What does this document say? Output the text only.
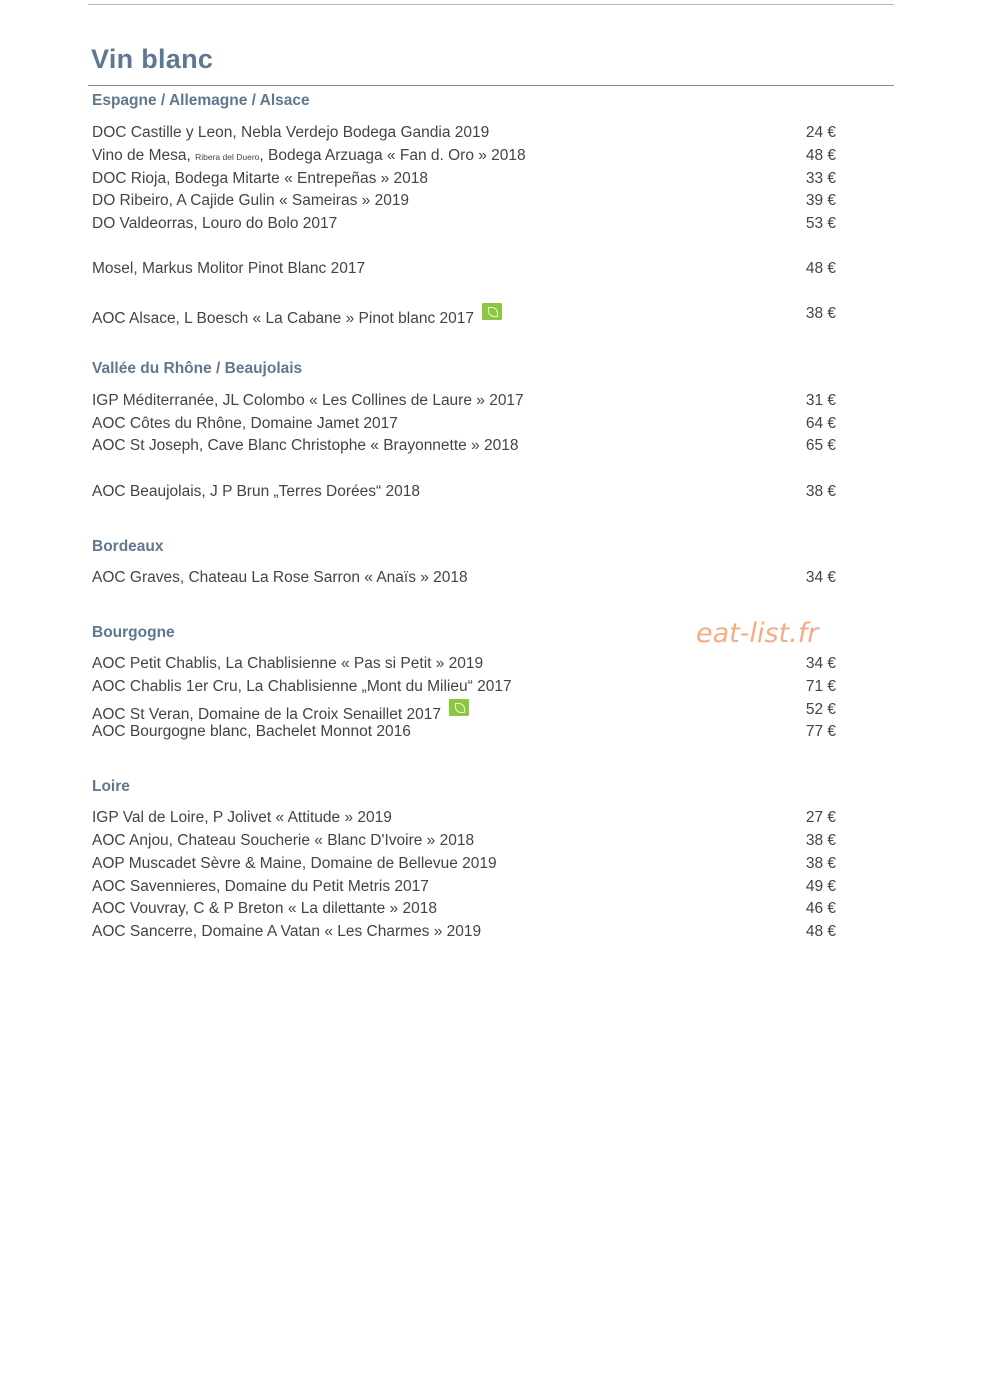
Vin blanc
Espagne / Allemagne / Alsace
DOC Castille y Leon, Nebla Verdejo Bodega Gandia 2019	24 €
Vino de Mesa, Ribera del Duero, Bodega Arzuaga « Fan d. Oro » 2018	48 €
DOC Rioja, Bodega Mitarte « Entrepeñas » 2018	33 €
DO Ribeiro, A Cajide Gulin « Sameiras » 2019	39 €
DO Valdeorras, Louro do Bolo 2017	53 €
Mosel, Markus Molitor Pinot Blanc 2017	48 €
AOC Alsace, L Boesch « La Cabane » Pinot blanc 2017	38 €
Vallée du Rhône / Beaujolais
IGP Méditerranée, JL Colombo « Les Collines de Laure » 2017	31 €
AOC Côtes du Rhône, Domaine Jamet 2017	64 €
AOC St Joseph, Cave Blanc Christophe « Brayonnette » 2018	65 €
AOC Beaujolais, J P Brun „Terres Dorées“ 2018	38 €
Bordeaux
AOC Graves, Chateau La Rose Sarron « Anaïs » 2018	34 €
eat-list.fr
Bourgogne
AOC Petit Chablis, La Chablisienne « Pas si Petit » 2019	34 €
AOC Chablis 1er Cru, La Chablisienne „Mont du Milieu“ 2017	71 €
AOC St Veran, Domaine de la Croix Senaillet 2017	52 €
AOC Bourgogne blanc, Bachelet Monnot 2016	77 €
Loire
IGP Val de Loire, P Jolivet « Attitude » 2019	27 €
AOC Anjou, Chateau Soucherie « Blanc D'Ivoire » 2018	38 €
AOP Muscadet Sèvre & Maine, Domaine de Bellevue 2019	38 €
AOC Savennieres, Domaine du Petit Metris 2017	49 €
AOC Vouvray, C & P Breton « La dilettante » 2018	46 €
AOC Sancerre, Domaine A Vatan « Les Charmes » 2019	48 €
